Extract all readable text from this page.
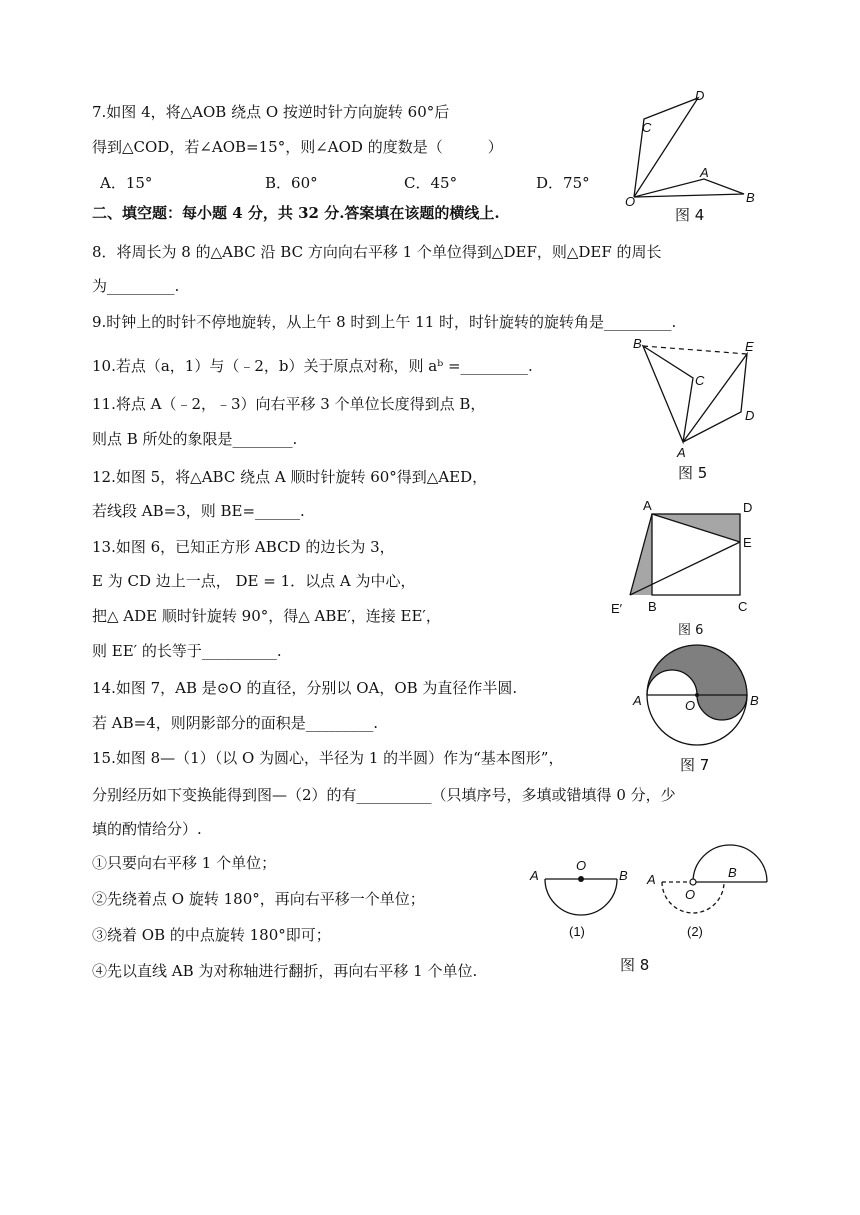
7.如图 4，将△AOB 绕点 O 按逆时针方向旋转 60°后
得到△COD，若∠AOB=15°，则∠AOD 的度数是（　　　）
A．15°	B．60°	C．45°	D．75°
二、填空题：每小题 4 分，共 32 分.答案填在该题的横线上.
8．将周长为 8 的△ABC 沿 BC 方向向右平移 1 个单位得到△DEF，则△DEF 的周长
为_________.
9.时钟上的时针不停地旋转，从上午 8 时到上午 11 时，时针旋转的旋转角是_________.
10.若点（a，1）与（﹣2，b）关于原点对称，则 aᵇ =_________.
11.将点 A（﹣2，﹣3）向右平移 3 个单位长度得到点 B，
则点 B 所处的象限是________.
12.如图 5，将△ABC 绕点 A 顺时针旋转 60°得到△AED，
若线段 AB=3，则 BE=______.
13.如图 6，已知正方形 ABCD 的边长为 3，
E 为 CD 边上一点， DE = 1．以点 A 为中心，
把△ ADE 顺时针旋转 90°，得△ ABE′，连接 EE′，
则 EE′ 的长等于__________.
14.如图 7，AB 是⊙O 的直径，分别以 OA，OB 为直径作半圆.
若 AB=4，则阴影部分的面积是_________.
15.如图 8—（1）（以 O 为圆心，半径为 1 的半圆）作为“基本图形”，
分别经历如下变换能得到图—（2）的有__________（只填序号，多填或错填得 0 分，少
填的酌情给分）.
①只要向右平移 1 个单位；
②先绕着点 O 旋转 180°，再向右平移一个单位；
③绕着 OB 的中点旋转 180°即可；
④先以直线 AB 为对称轴进行翻折，再向右平移 1 个单位.
D
C
A
O	B
图 4
B	E
C
D
A
图 5
A	D
E
E′ B	C
图 6
A	O	B
图 7
A
O
B
(1)
A
O
B
(2)
图 8
